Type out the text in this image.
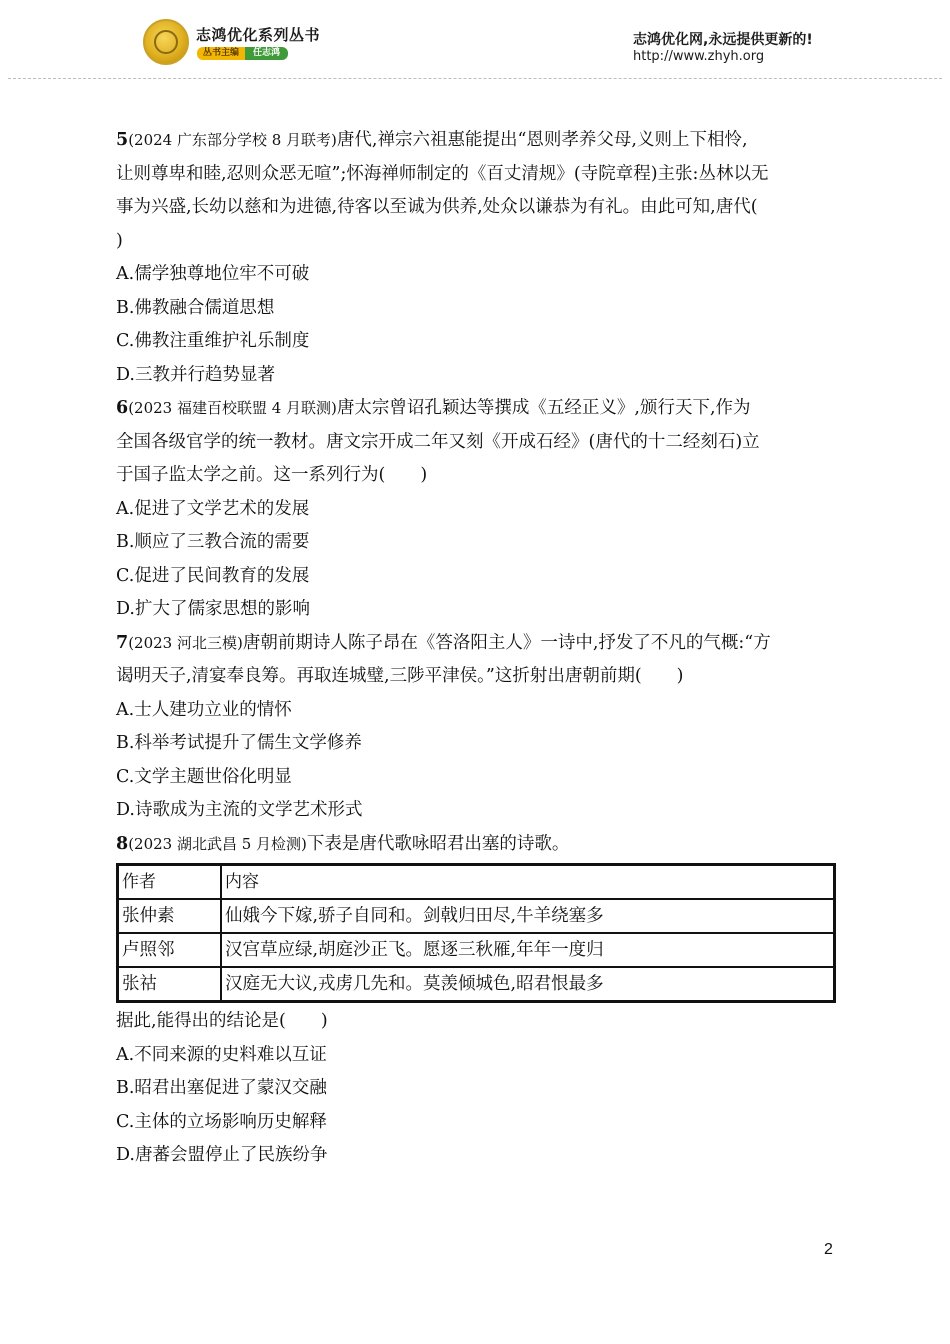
志鸿优化系列丛书
丛书主编	任志鸿
志鸿优化网,永远提供更新的!
http://www.zhyh.org
5(2024 广东部分学校 8 月联考)唐代,禅宗六祖惠能提出“恩则孝养父母,义则上下相怜,
让则尊卑和睦,忍则众恶无喧”;怀海禅师制定的《百丈清规》(寺院章程)主张:丛林以无
事为兴盛,长幼以慈和为进德,待客以至诚为供养,处众以谦恭为有礼。由此可知,唐代(
)
A.儒学独尊地位牢不可破
B.佛教融合儒道思想
C.佛教注重维护礼乐制度
D.三教并行趋势显著
6(2023 福建百校联盟 4 月联测)唐太宗曾诏孔颖达等撰成《五经正义》,颁行天下,作为
全国各级官学的统一教材。唐文宗开成二年又刻《开成石经》(唐代的十二经刻石)立
于国子监太学之前。这一系列行为(　　)
A.促进了文学艺术的发展
B.顺应了三教合流的需要
C.促进了民间教育的发展
D.扩大了儒家思想的影响
7(2023 河北三模)唐朝前期诗人陈子昂在《答洛阳主人》一诗中,抒发了不凡的气概:“方
谒明天子,清宴奉良筹。再取连城璧,三陟平津侯。”这折射出唐朝前期(　　)
A.士人建功立业的情怀
B.科举考试提升了儒生文学修养
C.文学主题世俗化明显
D.诗歌成为主流的文学艺术形式
8(2023 湖北武昌 5 月检测)下表是唐代歌咏昭君出塞的诗歌。
作者	内容
张仲素	仙娥今下嫁,骄子自同和。剑戟归田尽,牛羊绕塞多
卢照邻	汉宫草应绿,胡庭沙正飞。愿逐三秋雁,年年一度归
张祜	汉庭无大议,戎虏几先和。莫羡倾城色,昭君恨最多
据此,能得出的结论是(　　)
A.不同来源的史料难以互证
B.昭君出塞促进了蒙汉交融
C.主体的立场影响历史解释
D.唐蕃会盟停止了民族纷争
2
